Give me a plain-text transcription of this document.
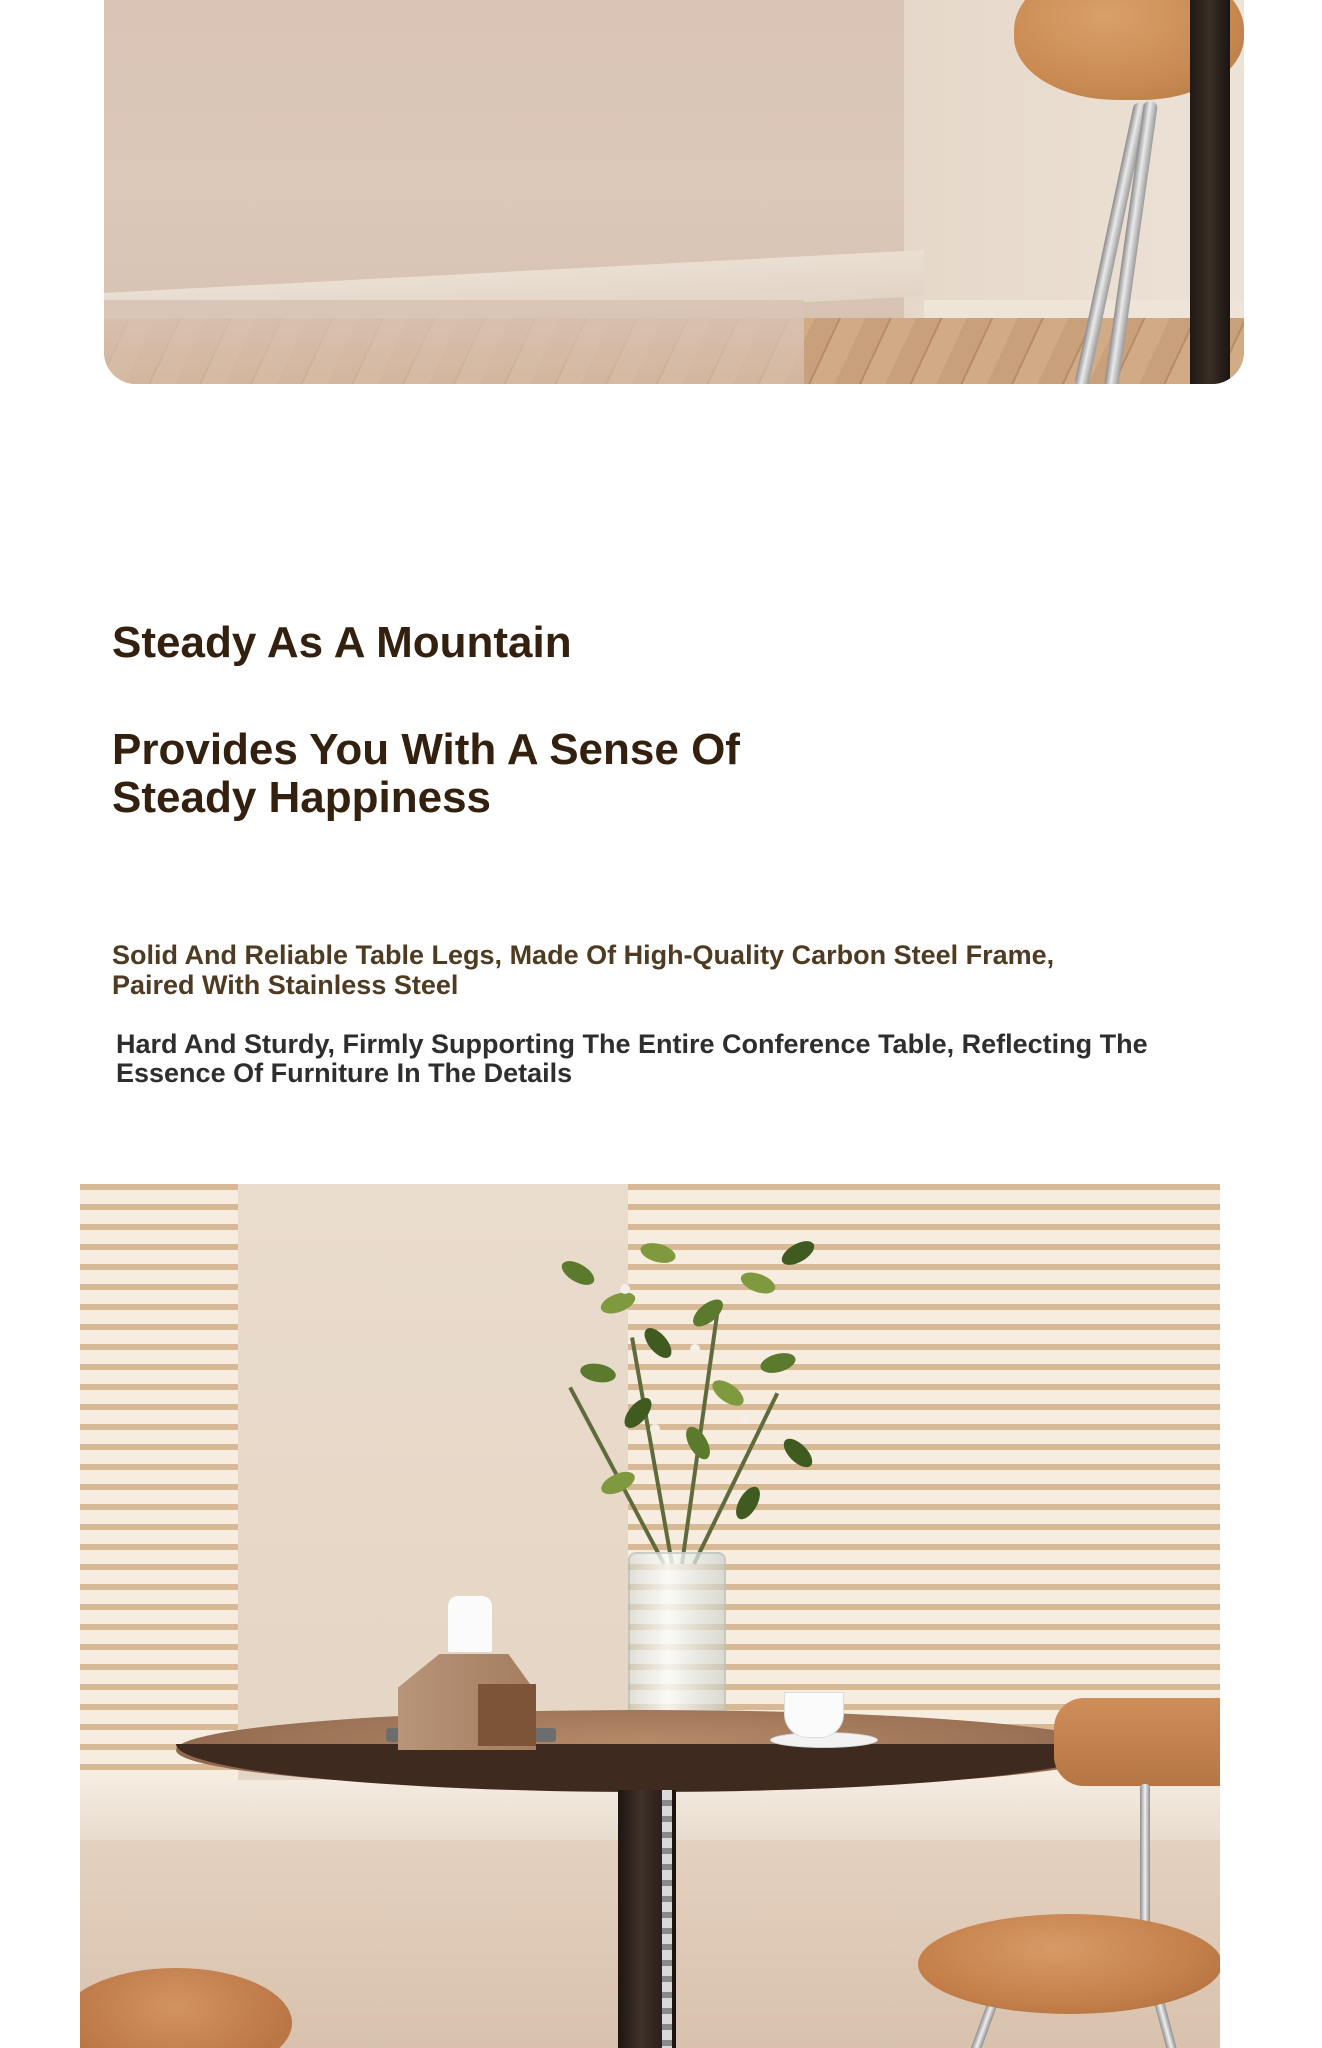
Steady As A Mountain
Provides You With A Sense Of Steady Happiness

Solid And Reliable Table Legs, Made Of High-Quality Carbon Steel Frame, Paired With Stainless Steel

Hard And Sturdy, Firmly Supporting The Entire Conference Table, Reflecting The Essence Of Furniture In The Details
